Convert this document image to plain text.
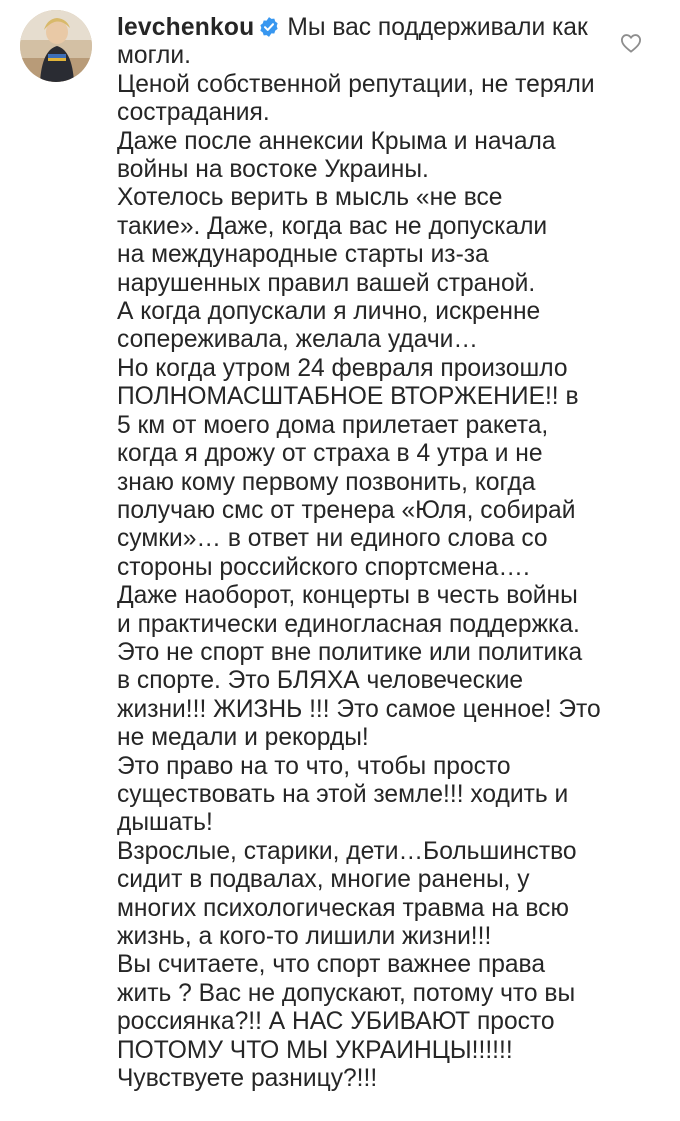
levchenkou Мы вас поддерживали как
могли.
Ценой собственной репутации, не теряли
сострадания.
Даже после аннексии Крыма и начала
войны на востоке Украины.
Хотелось верить в мысль «не все
такие». Даже, когда вас не допускали
на международные старты из-за
нарушенных правил вашей страной.
А когда допускали я лично, искренне
сопереживала, желала удачи…
Но когда утром 24 февраля произошло
ПОЛНОМАСШТАБНОЕ ВТОРЖЕНИЕ!! в
5 км от моего дома прилетает ракета,
когда я дрожу от страха в 4 утра и не
знаю кому первому позвонить, когда
получаю смс от тренера «Юля, собирай
сумки»… в ответ ни единого слова со
стороны российского спортсмена….
Даже наоборот, концерты в честь войны
и практически единогласная поддержка.
Это не спорт вне политике или политика
в спорте. Это БЛЯХА человеческие
жизни!!! ЖИЗНЬ !!! Это самое ценное! Это
не медали и рекорды!
Это право на то что, чтобы просто
существовать на этой земле!!! ходить и
дышать!
Взрослые, старики, дети…Большинство
сидит в подвалах, многие ранены, у
многих психологическая травма на всю
жизнь, а кого-то лишили жизни!!!
Вы считаете, что спорт важнее права
жить ? Вас не допускают, потому что вы
россиянка?!! А НАС УБИВАЮТ просто
ПОТОМУ ЧТО МЫ УКРАИНЦЫ!!!!!!
Чувствуете разницу?!!!
